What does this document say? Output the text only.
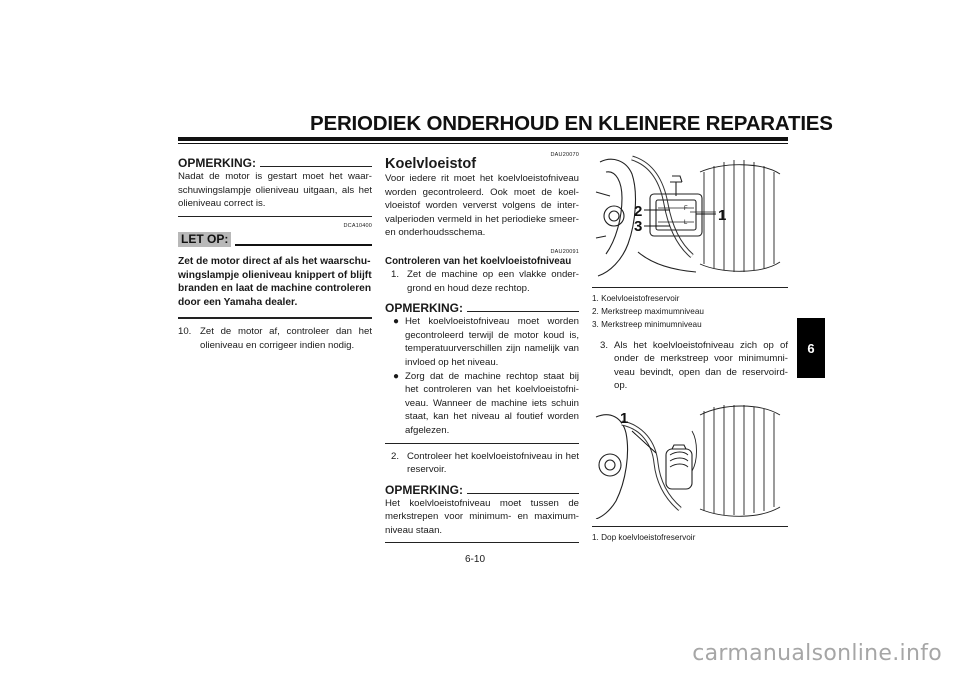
PERIODIEK ONDERHOUD EN KLEINERE REPARATIES
OPMERKING:
Nadat de motor is gestart moet het waar-schuwingslampje olieniveau uitgaan, als het olieniveau correct is.
DCA10400
LET OP:
Zet de motor direct af als het waarschu-wingslampje olieniveau knippert of blijft branden en laat de machine controleren door een Yamaha dealer.
10. Zet de motor af, controleer dan het olieniveau en corrigeer indien nodig.
DAU20070
Koelvloeistof
Voor iedere rit moet het koelvloeistofniveau worden gecontroleerd. Ook moet de koel-vloeistof worden ververst volgens de inter-valperioden vermeld in het periodieke smeer- en onderhoudsschema.
DAU20091
Controleren van het koelvloeistofniveau
1. Zet de machine op een vlakke onder-grond en houd deze rechtop.
OPMERKING:
● Het koelvloeistofniveau moet worden gecontroleerd terwijl de motor koud is, temperatuurverschillen zijn namelijk van invloed op het niveau.
● Zorg dat de machine rechtop staat bij het controleren van het koelvloeistofni-veau. Wanneer de machine iets schuin staat, kan het niveau al foutief worden afgelezen.
2. Controleer het koelvloeistofniveau in het reservoir.
OPMERKING:
Het koelvloeistofniveau moet tussen de merkstrepen voor minimum- en maximum-niveau staan.
2
3
1
F
L
1. Koelvloeistofreservoir
2. Merkstreep maximumniveau
3. Merkstreep minimumniveau
3. Als het koelvloeistofniveau zich op of onder de merkstreep voor minimumni-veau bevindt, open dan de reservoird-op.
1
1. Dop koelvloeistofreservoir
6
6-10
carmanualsonline.info
